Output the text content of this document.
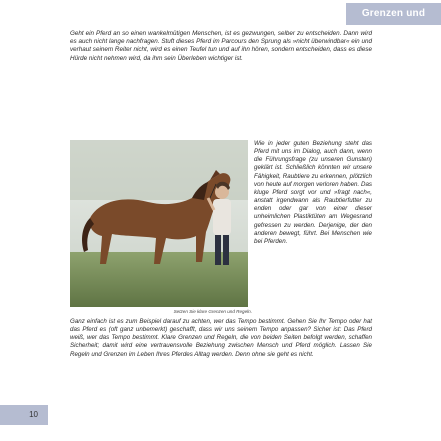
Grenzen und Regeln
Geht ein Pferd an so einen wankelmütigen Menschen, ist es gezwungen, selber zu entscheiden. Dann wird es auch nicht lange nachfragen. Stuft dieses Pferd im Parcours den Sprung als »nicht überwindbar« ein und verhaut seinem Reiter nicht, wird es einen Teufel tun und auf ihn hören, sondern entscheiden, dass es diese Hürde nicht nehmen wird, da ihm sein Überleben wichtiger ist.
Setzen Sie klare Grenzen und Regeln.
Wie in jeder guten Beziehung steht das Pferd mit uns im Dialog, auch dann, wenn die Führungsfrage (zu unseren Gunsten) geklärt ist. Schließlich könnten wir unsere Fähigkeit, Raubtiere zu erkennen, plötzlich von heute auf morgen verloren haben. Das kluge Pferd sorgt vor und »fragt nach«, anstatt irgendwann als Raubtierfutter zu enden oder gar von einer dieser unheimlichen Plastiktüten am Wegesrand gefressen zu werden. Derjenige, der den anderen bewegt, führt. Bei Menschen wie bei Pferden.
Ganz einfach ist es zum Beispiel darauf zu achten, wer das Tempo bestimmt. Gehen Sie Ihr Tempo oder hat das Pferd es (oft ganz unbemerkt) geschafft, dass wir uns seinem Tempo anpassen? Sicher ist: Das Pferd weiß, wer das Tempo bestimmt. Klare Grenzen und Regeln, die von beiden Seiten befolgt werden, schaffen Sicherheit; damit wird eine vertrauensvolle Beziehung zwischen Mensch und Pferd möglich. Lassen Sie Regeln und Grenzen im Leben Ihres Pferdes Alltag werden. Denn ohne sie geht es nicht.
10
